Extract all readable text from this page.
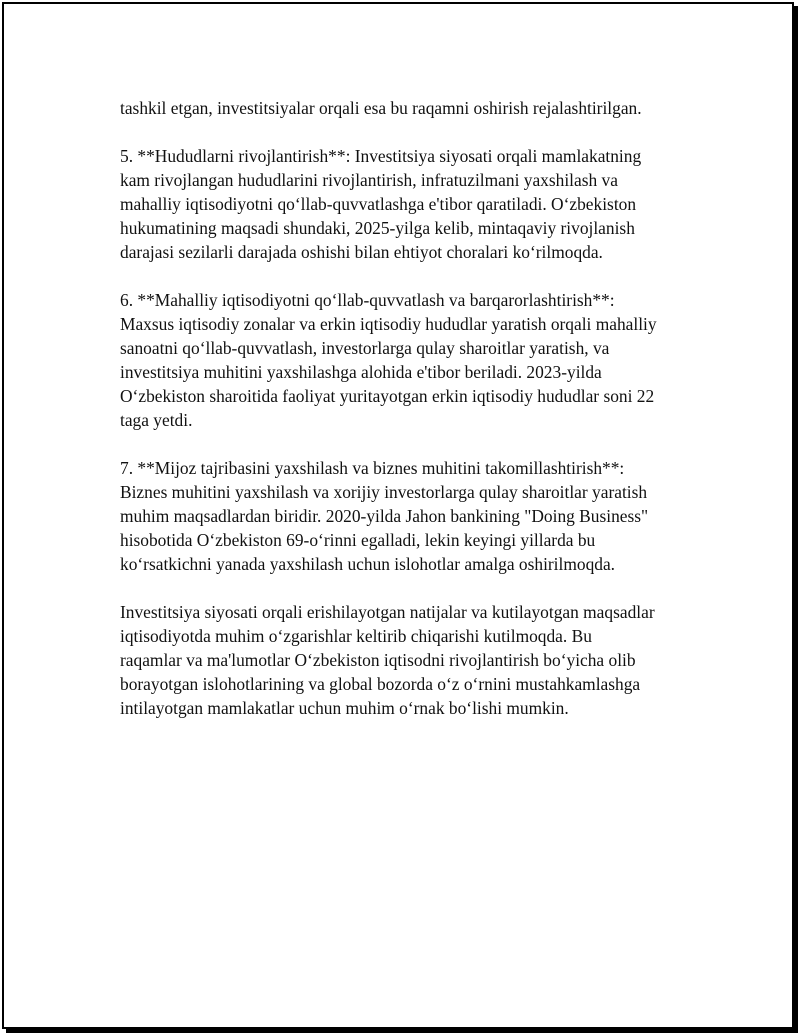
tashkil etgan, investitsiyalar orqali esa bu raqamni oshirish rejalashtirilgan.

5. **Hududlarni rivojlantirish**: Investitsiya siyosati orqali mamlakatning
kam rivojlangan hududlarini rivojlantirish, infratuzilmani yaxshilash va
mahalliy iqtisodiyotni qo‘llab-quvvatlashga e'tibor qaratiladi. O‘zbekiston
hukumatining maqsadi shundaki, 2025-yilga kelib, mintaqaviy rivojlanish
darajasi sezilarli darajada oshishi bilan ehtiyot choralari ko‘rilmoqda.

6. **Mahalliy iqtisodiyotni qo‘llab-quvvatlash va barqarorlashtirish**:
Maxsus iqtisodiy zonalar va erkin iqtisodiy hududlar yaratish orqali mahalliy
sanoatni qo‘llab-quvvatlash, investorlarga qulay sharoitlar yaratish, va
investitsiya muhitini yaxshilashga alohida e'tibor beriladi. 2023-yilda
O‘zbekiston sharoitida faoliyat yuritayotgan erkin iqtisodiy hududlar soni 22
taga yetdi.

7. **Mijoz tajribasini yaxshilash va biznes muhitini takomillashtirish**:
Biznes muhitini yaxshilash va xorijiy investorlarga qulay sharoitlar yaratish
muhim maqsadlardan biridir. 2020-yilda Jahon bankining "Doing Business"
hisobotida O‘zbekiston 69-o‘rinni egalladi, lekin keyingi yillarda bu
ko‘rsatkichni yanada yaxshilash uchun islohotlar amalga oshirilmoqda.

Investitsiya siyosati orqali erishilayotgan natijalar va kutilayotgan maqsadlar
iqtisodiyotda muhim o‘zgarishlar keltirib chiqarishi kutilmoqda. Bu
raqamlar va ma'lumotlar O‘zbekiston iqtisodni rivojlantirish bo‘yicha olib
borayotgan islohotlarining va global bozorda o‘z o‘rnini mustahkamlashga
intilayotgan mamlakatlar uchun muhim o‘rnak bo‘lishi mumkin.
